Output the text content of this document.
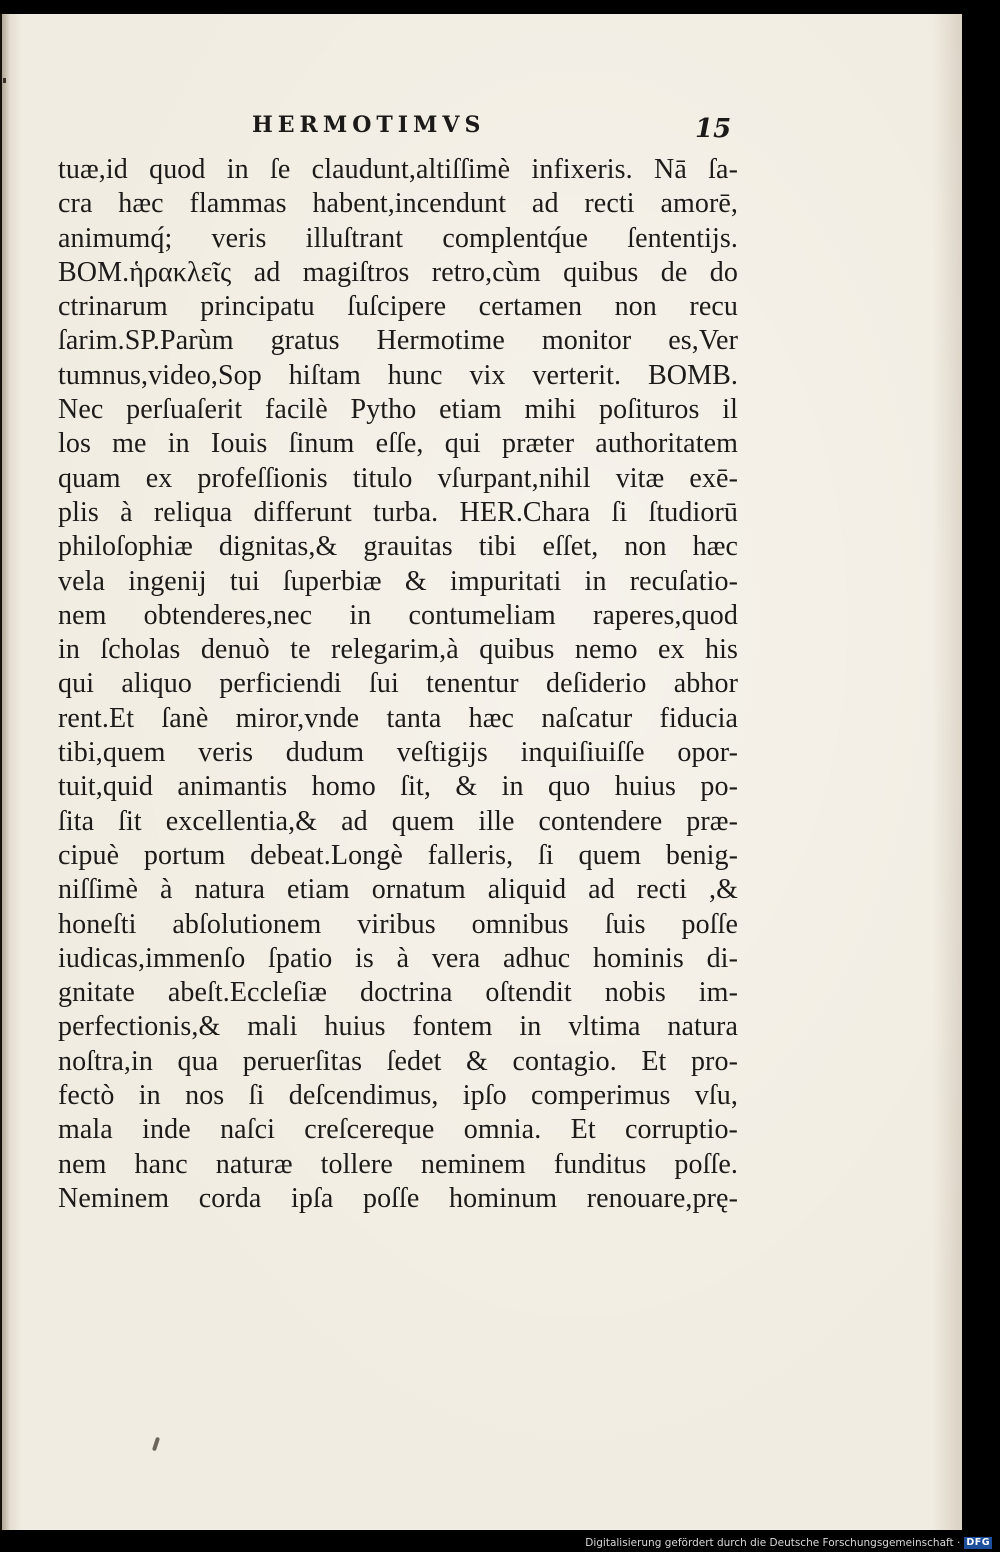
HERMOTIMVS	15
tuæ,id quod in ſe claudunt,altiſſimè infixeris. Nā ſa-
cra hæc flammas habent,incendunt ad recti amorē,
animumq́; veris illuſtrant complentq́ue ſententijs.
BOM.ἡρακλεῖς ad magiſtros retro,cùm quibus de do
ctrinarum principatu ſuſcipere certamen non recu
ſarim.SP.Parùm gratus Hermotime monitor es,Ver
tumnus,video,Sop hiſtam hunc vix verterit. BOMB.
Nec perſuaſerit facilè Pytho etiam mihi poſituros il
los me in Iouis ſinum eſſe, qui præter authoritatem
quam ex profeſſionis titulo vſurpant,nihil vitæ exē-
plis à reliqua differunt turba. HER.Chara ſi ſtudiorū
philoſophiæ dignitas,& grauitas tibi eſſet, non hæc
vela ingenij tui ſuperbiæ & impuritati in recuſatio-
nem obtenderes,nec in contumeliam raperes,quod
in ſcholas denuò te relegarim,à quibus nemo ex his
qui aliquo perficiendi ſui tenentur deſiderio abhor
rent.Et ſanè miror,vnde tanta hæc naſcatur fiducia
tibi,quem veris dudum veſtigijs inquiſiuiſſe opor-
tuit,quid animantis homo ſit, & in quo huius po-
ſita ſit excellentia,& ad quem ille contendere præ-
cipuè portum debeat.Longè falleris, ſi quem benig-
niſſimè à natura etiam ornatum aliquid ad recti ,&
honeſti abſolutionem viribus omnibus ſuis poſſe
iudicas,immenſo ſpatio is à vera adhuc hominis di-
gnitate abeſt.Eccleſiæ doctrina oſtendit nobis im-
perfectionis,& mali huius fontem in vltima natura
noſtra,in qua peruerſitas ſedet & contagio. Et pro-
fectò in nos ſi deſcendimus, ipſo comperimus vſu,
mala inde naſci creſcereque omnia. Et corruptio-
nem hanc naturæ tollere neminem funditus poſſe.
Neminem corda ipſa poſſe hominum renouare,prę-
Digitalisierung gefördert durch die Deutsche Forschungsgemeinschaft · DFG
